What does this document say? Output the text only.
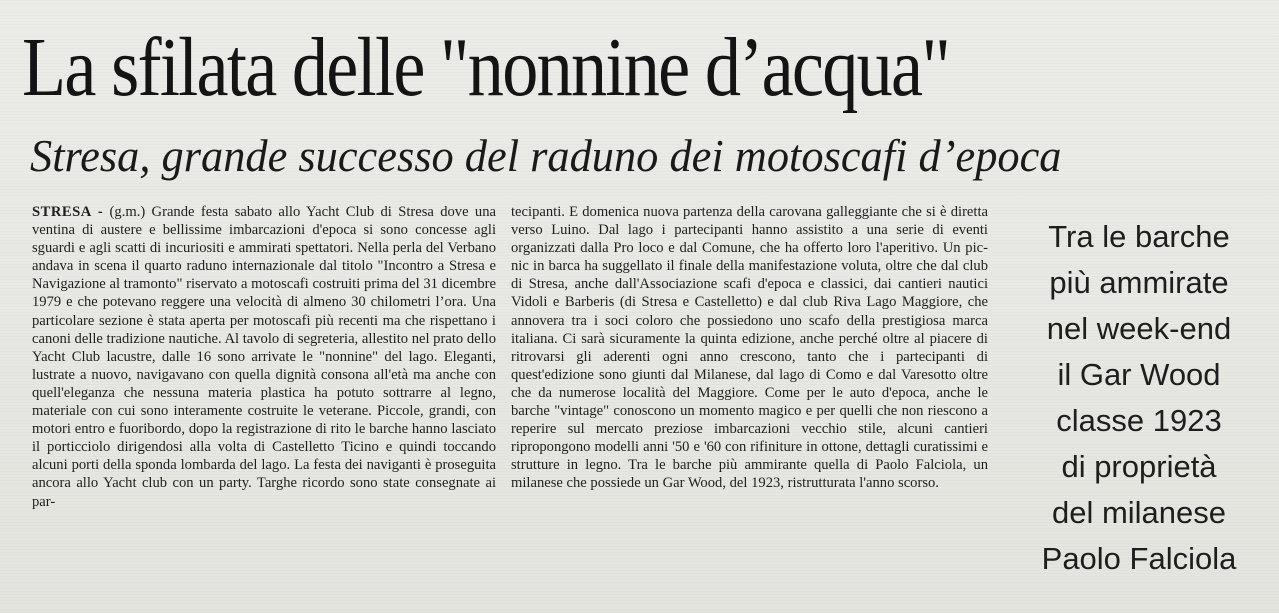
La sfilata delle "nonnine d’acqua"
Stresa, grande successo del raduno dei motoscafi d’epoca

STRESA - (g.m.) Grande festa sabato allo Yacht Club di Stresa dove una ventina di austere e bellissime imbarcazioni d'epoca si sono concesse agli sguardi e agli scatti di incuriositi e ammirati spettatori. Nella perla del Verbano andava in scena il quarto raduno internazionale dal titolo "Incontro a Stresa e Navigazione al tramonto" riservato a motoscafi costruiti prima del 31 dicembre 1979 e che potevano reggere una velocità di almeno 30 chilometri l’ora. Una particolare sezione è stata aperta per motoscafi più recenti ma che rispettano i canoni delle tradizione nautiche. Al tavolo di segreteria, allestito nel prato dello Yacht Club lacustre, dalle 16 sono arrivate le "nonnine" del lago. Eleganti, lustrate a nuovo, navigavano con quella dignità consona all'età ma anche con quell'eleganza che nessuna materia plastica ha potuto sottrarre al legno, materiale con cui sono interamente costruite le veterane. Piccole, grandi, con motori entro e fuoribordo, dopo la registrazione di rito le barche hanno lasciato il porticciolo dirigendosi alla volta di Castelletto Ticino e quindi toccando alcuni porti della sponda lombarda del lago. La festa dei naviganti è proseguita ancora allo Yacht club con un party. Targhe ricordo sono state consegnate ai par-

tecipanti. E domenica nuova partenza della carovana galleggiante che si è diretta verso Luino. Dal lago i partecipanti hanno assistito a una serie di eventi organizzati dalla Pro loco e dal Comune, che ha offerto loro l'aperitivo. Un pic-nic in barca ha suggellato il finale della manifestazione voluta, oltre che dal club di Stresa, anche dall'Associazione scafi d'epoca e classici, dai cantieri nautici Vidoli e Barberis (di Stresa e Castelletto) e dal club Riva Lago Maggiore, che annovera tra i soci coloro che possiedono uno scafo della prestigiosa marca italiana. Ci sarà sicuramente la quinta edizione, anche perché oltre al piacere di ritrovarsi gli aderenti ogni anno crescono, tanto che i partecipanti di quest'edizione sono giunti dal Milanese, dal lago di Como e dal Varesotto oltre che da numerose località del Maggiore. Come per le auto d'epoca, anche le barche "vintage" conoscono un momento magico e per quelli che non riescono a reperire sul mercato preziose imbarcazioni vecchio stile, alcuni cantieri ripropongono modelli anni '50 e '60 con rifiniture in ottone, dettagli curatissimi e strutture in legno. Tra le barche più ammirante quella di Paolo Falciola, un milanese che possiede un Gar Wood, del 1923, ristrutturata l'anno scorso.

Tra le barche
più ammirate
nel week-end
il Gar Wood
classe 1923
di proprietà
del milanese
Paolo Falciola
